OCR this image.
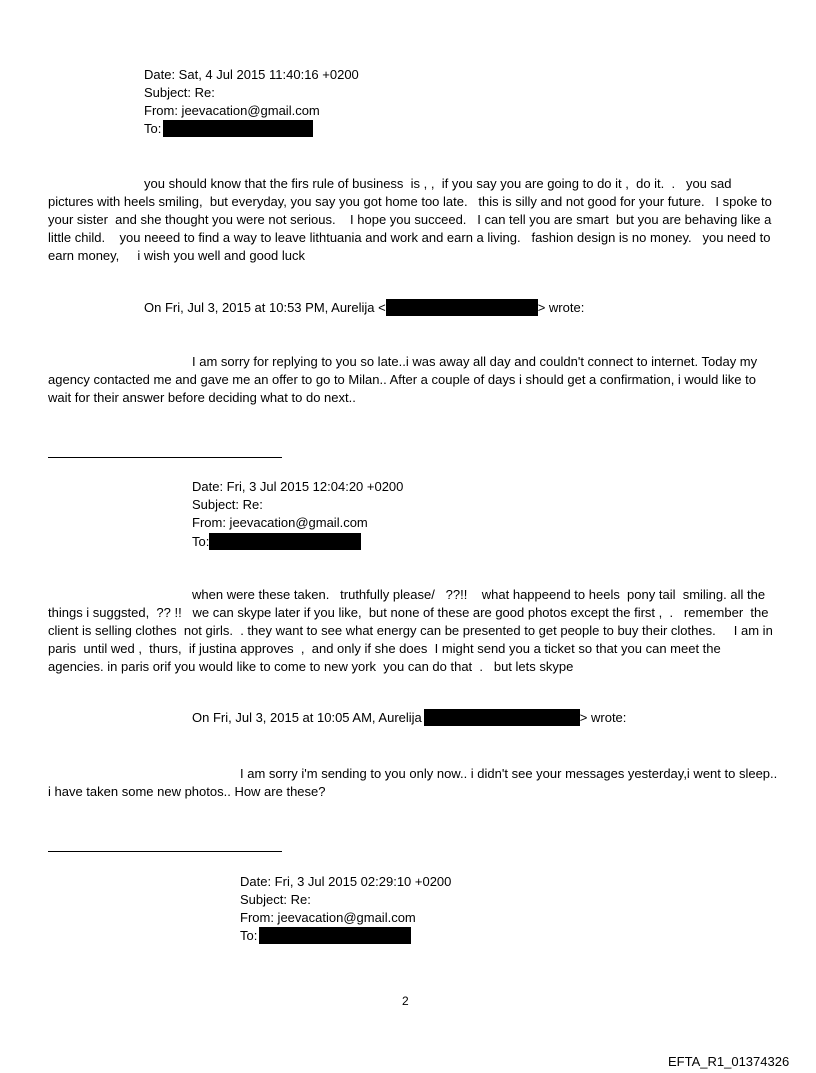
Date: Sat, 4 Jul 2015 11:40:16 +0200
Subject: Re:
From: jeevacation@gmail.com
To:
you should know that the firs rule of business  is , ,  if you say you are going to do it ,  do it.  .   you sad pictures with heels smiling,  but everyday, you say you got home too late.   this is silly and not good for your future.   I spoke to your sister  and she thought you were not serious.    I hope you succeed.   I can tell you are smart  but you are behaving like a little child.    you neeed to find a way to leave lithtuania and work and earn a living.   fashion design is no money.   you need to earn money,     i wish you well and good luck
On Fri, Jul 3, 2015 at 10:53 PM, Aurelija <	> wrote:
I am sorry for replying to you so late..i was away all day and couldn't connect to internet. Today my agency contacted me and gave me an offer to go to Milan.. After a couple of days i should get a confirmation, i would like to wait for their answer before deciding what to do next..
Date: Fri, 3 Jul 2015 12:04:20 +0200
Subject: Re:
From: jeevacation@gmail.com
To:
when were these taken.   truthfully please/   ??!!    what happeend to heels  pony tail  smiling. all the things i suggsted,  ?? !!   we can skype later if you like,  but none of these are good photos except the first ,  .   remember  the client is selling clothes  not girls.  . they want to see what energy can be presented to get people to buy their clothes.     I am in paris  until wed ,  thurs,  if justina approves  ,  and only if she does  I might send you a ticket so that you can meet the agencies. in paris orif you would like to come to new york  you can do that  .   but lets skype
On Fri, Jul 3, 2015 at 10:05 AM, Aurelija	> wrote:
I am sorry i'm sending to you only now.. i didn't see your messages yesterday,i went to sleep.. i have taken some new photos.. How are these?
Date: Fri, 3 Jul 2015 02:29:10 +0200
Subject: Re:
From: jeevacation@gmail.com
To:
2
EFTA_R1_01374326
